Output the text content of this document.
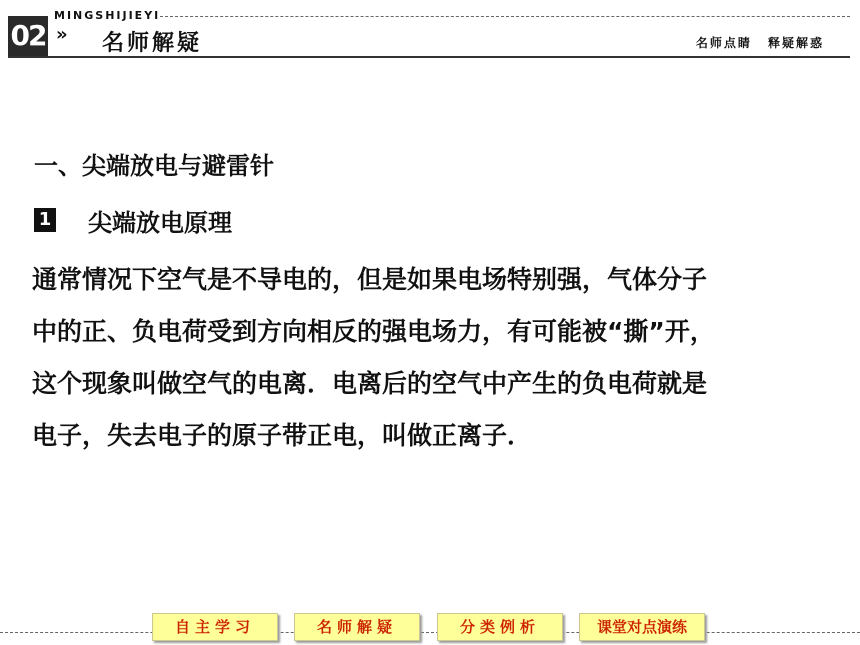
02
MINGSHIJIEYI
» 名师解疑	名师点睛 释疑解惑
一、尖端放电与避雷针
1 尖端放电原理
通常情况下空气是不导电的，但是如果电场特别强，气体分子
中的正、负电荷受到方向相反的强电场力，有可能被“撕”开，
这个现象叫做空气的电离．电离后的空气中产生的负电荷就是
电子，失去电子的原子带正电，叫做正离子．
自主学习	名师解疑	分类例析	课堂对点演练
